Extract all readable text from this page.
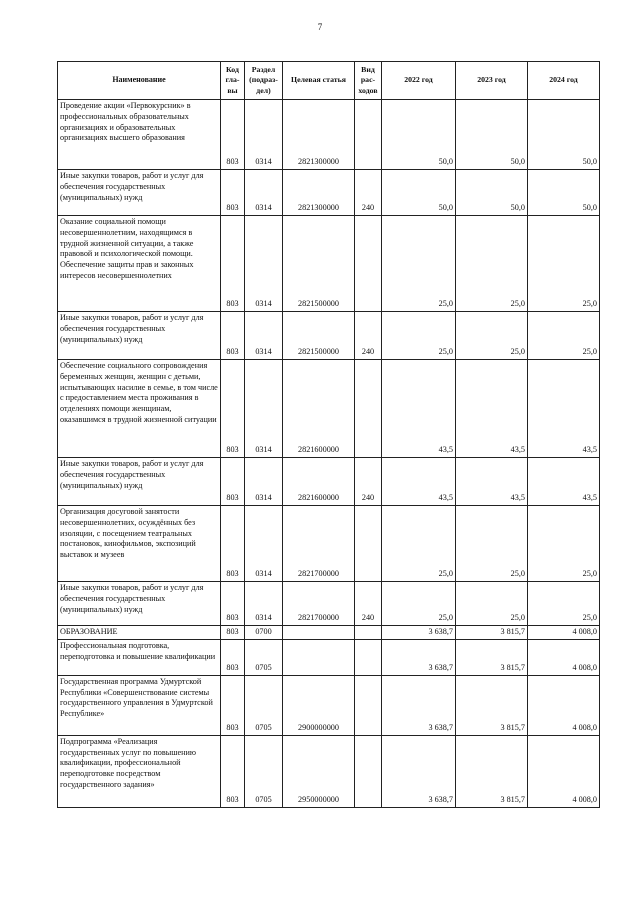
7
Наименование	Код гла- вы	Раздел (подраз- дел)	Целевая статья	Вид рас- ходов	2022 год	2023 год	2024 год
Проведение акции «Первокурсник» в профессиональных образовательных организациях и образовательных организациях высшего образования	803	0314	2821300000		50,0	50,0	50,0
Иные закупки товаров, работ и услуг для обеспечения государственных (муниципальных) нужд	803	0314	2821300000	240	50,0	50,0	50,0
Оказание социальной помощи несовершеннолетним, находящимся в трудной жизненной ситуации, а также правовой и психологической помощи. Обеспечение защиты прав и законных интересов несовершеннолетних	803	0314	2821500000		25,0	25,0	25,0
Иные закупки товаров, работ и услуг для обеспечения государственных (муниципальных) нужд	803	0314	2821500000	240	25,0	25,0	25,0
Обеспечение социального сопровождения беременных женщин, женщин с детьми, испытывающих насилие в семье, в том числе с предоставлением места проживания в отделениях помощи женщинам, оказавшимся в трудной жизненной ситуации	803	0314	2821600000		43,5	43,5	43,5
Иные закупки товаров, работ и услуг для обеспечения государственных (муниципальных) нужд	803	0314	2821600000	240	43,5	43,5	43,5
Организация досуговой занятости несовершеннолетних, осуждённых без изоляции, с посещением театральных постановок, кинофильмов, экспозиций выставок и музеев	803	0314	2821700000		25,0	25,0	25,0
Иные закупки товаров, работ и услуг для обеспечения государственных (муниципальных) нужд	803	0314	2821700000	240	25,0	25,0	25,0
ОБРАЗОВАНИЕ	803	0700			3 638,7	3 815,7	4 008,0
Профессиональная подготовка, переподготовка и повышение квалификации	803	0705			3 638,7	3 815,7	4 008,0
Государственная программа Удмуртской Республики «Совершенствование системы государственного управления в Удмуртской Республике»	803	0705	2900000000		3 638,7	3 815,7	4 008,0
Подпрограмма «Реализация государственных услуг по повышению квалификации, профессиональной переподготовке посредством государственного задания»	803	0705	2950000000		3 638,7	3 815,7	4 008,0
